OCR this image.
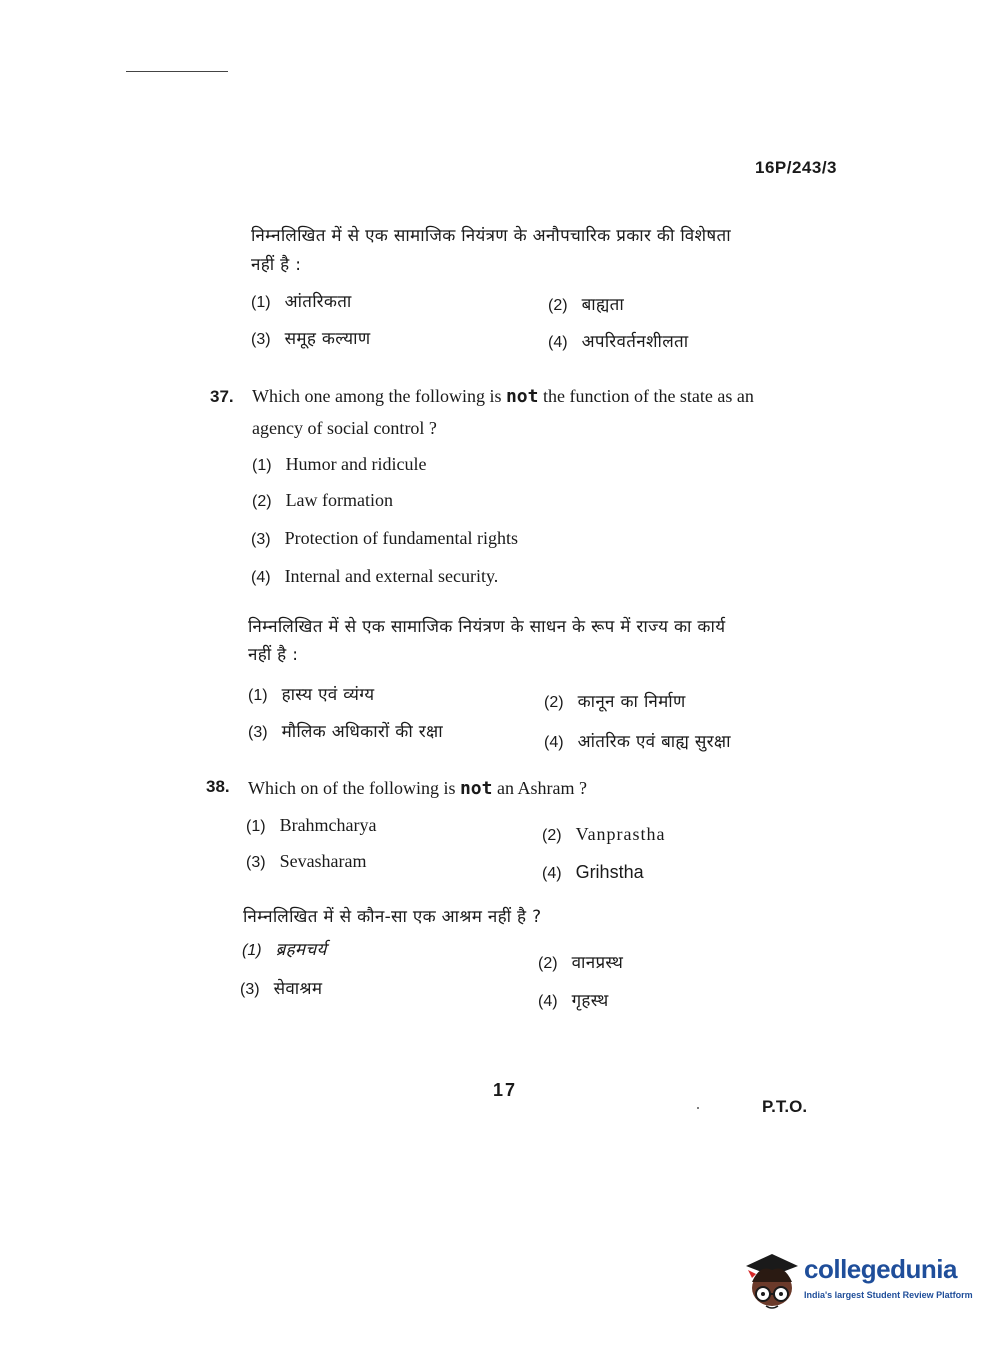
16P/243/3
निम्नलिखित में से एक सामाजिक नियंत्रण के अनौपचारिक प्रकार की विशेषता
नहीं है :
(1) आंतरिकता	(2) बाह्यता
(3) समूह कल्याण	(4) अपरिवर्तनशीलता
37. Which one among the following is not the function of the state as an
agency of social control ?
(1) Humor and ridicule
(2) Law formation
(3) Protection of fundamental rights
(4) Internal and external security.
निम्नलिखित में से एक सामाजिक नियंत्रण के साधन के रूप में राज्य का कार्य
नहीं है :
(1) हास्य एवं व्यंग्य	(2) कानून का निर्माण
(3) मौलिक अधिकारों की रक्षा
(4) आंतरिक एवं बाह्य सुरक्षा
38. Which on of the following is not an Ashram ?
(1) Brahmcharya
(2) Vanprastha
(3) Sevasharam
(4) Grihstha
निम्नलिखित में से कौन-सा एक आश्रम नहीं है ?
(1) ब्रहमचर्य
(2) वानप्रस्थ
(3) सेवाश्रम
(4) गृहस्थ
17
P.T.O.
collegedunia
India's largest Student Review Platform
